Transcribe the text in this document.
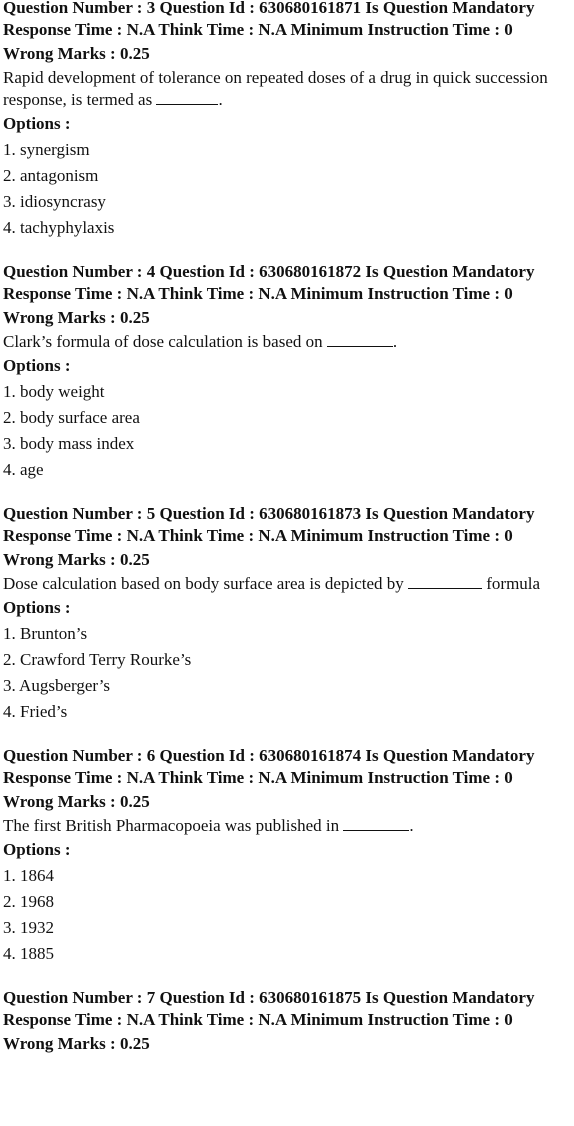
Question Number : 3 Question Id : 630680161871 Is Question Mandatory
Response Time : N.A Think Time : N.A Minimum Instruction Time : 0
Wrong Marks : 0.25
Rapid development of tolerance on repeated doses of a drug in quick succession
response, is termed as	.
Options :
1. synergism
2. antagonism
3. idiosyncrasy
4. tachyphylaxis
Question Number : 4 Question Id : 630680161872 Is Question Mandatory
Response Time : N.A Think Time : N.A Minimum Instruction Time : 0
Wrong Marks : 0.25
Clark’s formula of dose calculation is based on	.
Options :
1. body weight
2. body surface area
3. body mass index
4. age
Question Number : 5 Question Id : 630680161873 Is Question Mandatory
Response Time : N.A Think Time : N.A Minimum Instruction Time : 0
Wrong Marks : 0.25
Dose calculation based on body surface area is depicted by	formula
Options :
1. Brunton’s
2. Crawford Terry Rourke’s
3. Augsberger’s
4. Fried’s
Question Number : 6 Question Id : 630680161874 Is Question Mandatory
Response Time : N.A Think Time : N.A Minimum Instruction Time : 0
Wrong Marks : 0.25
The first British Pharmacopoeia was published in	.
Options :
1. 1864
2. 1968
3. 1932
4. 1885
Question Number : 7 Question Id : 630680161875 Is Question Mandatory
Response Time : N.A Think Time : N.A Minimum Instruction Time : 0
Wrong Marks : 0.25
